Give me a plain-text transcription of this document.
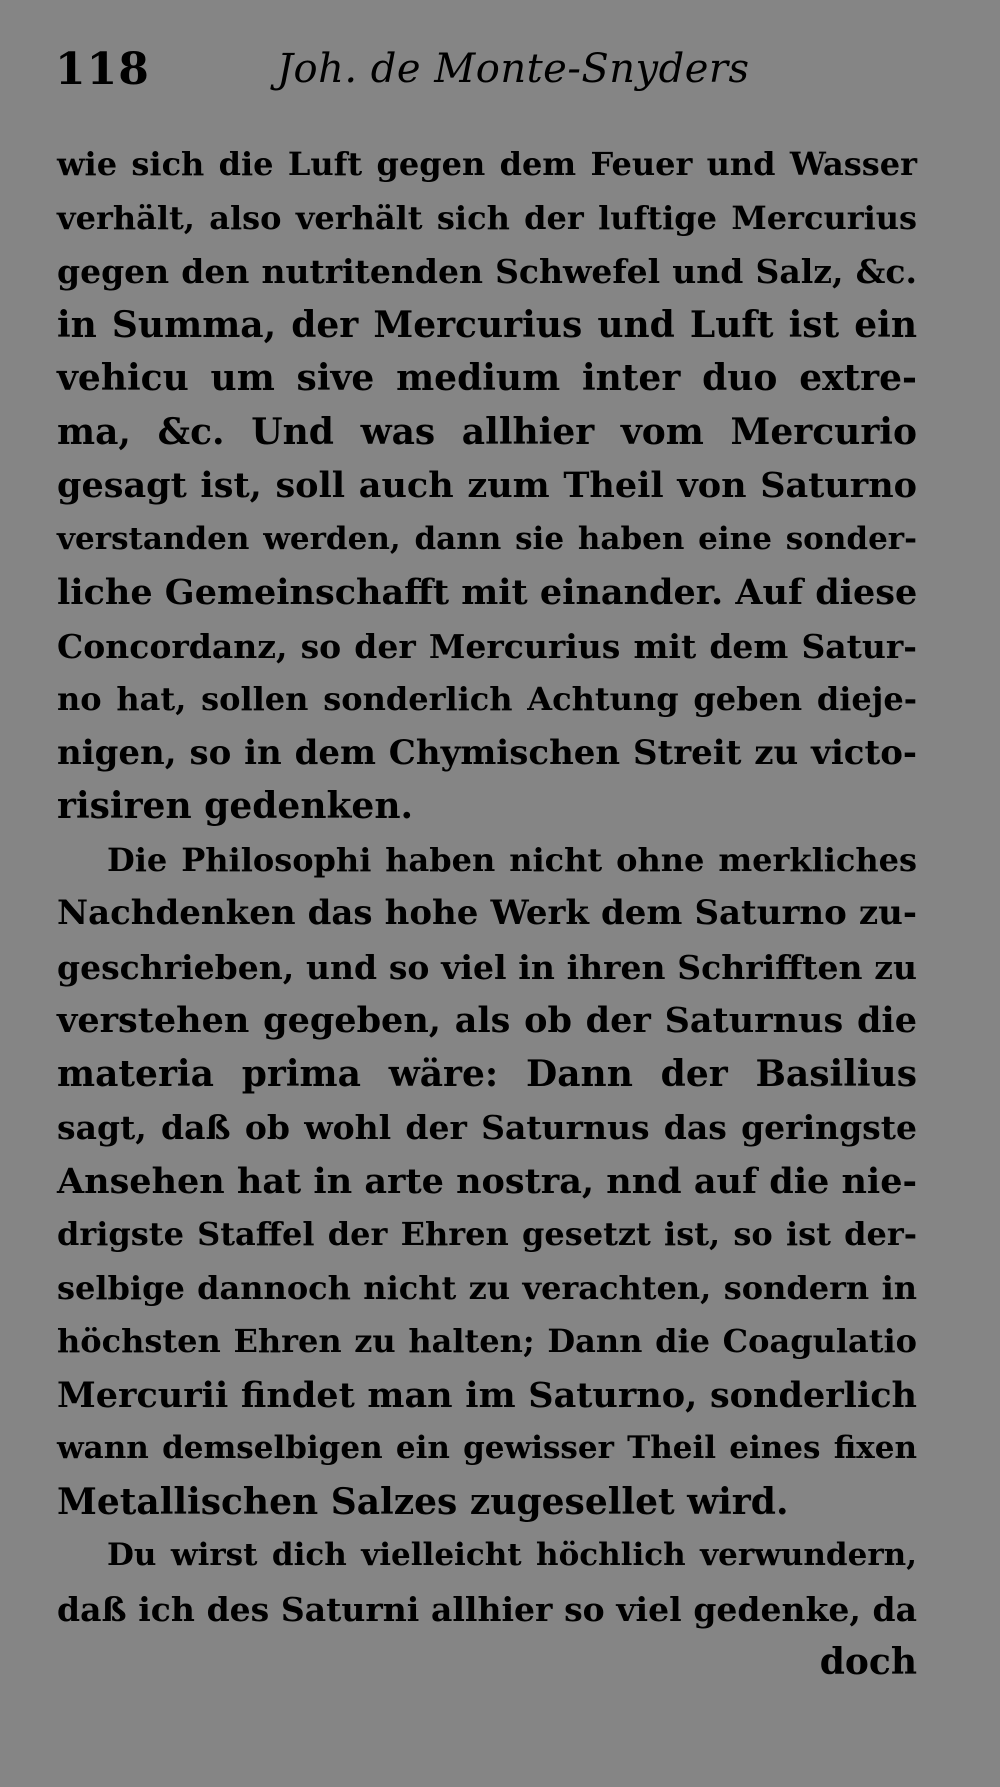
118	Joh. de Monte-Snyders
wie sich die Luft gegen dem Feuer und Wasser
verhält, also verhält sich der luftige Mercurius
gegen den nutritenden Schwefel und Salz, &c.
in Summa, der Mercurius und Luft ist ein
vehicu um sive medium inter duo extre-
ma, &c. Und was allhier vom Mercurio
gesagt ist, soll auch zum Theil von Saturno
verstanden werden, dann sie haben eine sonder-
liche Gemeinschafft mit einander. Auf diese
Concordanz, so der Mercurius mit dem Satur-
no hat, sollen sonderlich Achtung geben dieje-
nigen, so in dem Chymischen Streit zu victo-
risiren gedenken.
Die Philosophi haben nicht ohne merkliches
Nachdenken das hohe Werk dem Saturno zu-
geschrieben, und so viel in ihren Schrifften zu
verstehen gegeben, als ob der Saturnus die
materia prima wäre: Dann der Basilius
sagt, daß ob wohl der Saturnus das geringste
Ansehen hat in arte nostra, nnd auf die nie-
drigste Staffel der Ehren gesetzt ist, so ist der-
selbige dannoch nicht zu verachten, sondern in
höchsten Ehren zu halten; Dann die Coagulatio
Mercurii findet man im Saturno, sonderlich
wann demselbigen ein gewisser Theil eines fixen
Metallischen Salzes zugesellet wird.
Du wirst dich vielleicht höchlich verwundern,
daß ich des Saturni allhier so viel gedenke, da
doch
